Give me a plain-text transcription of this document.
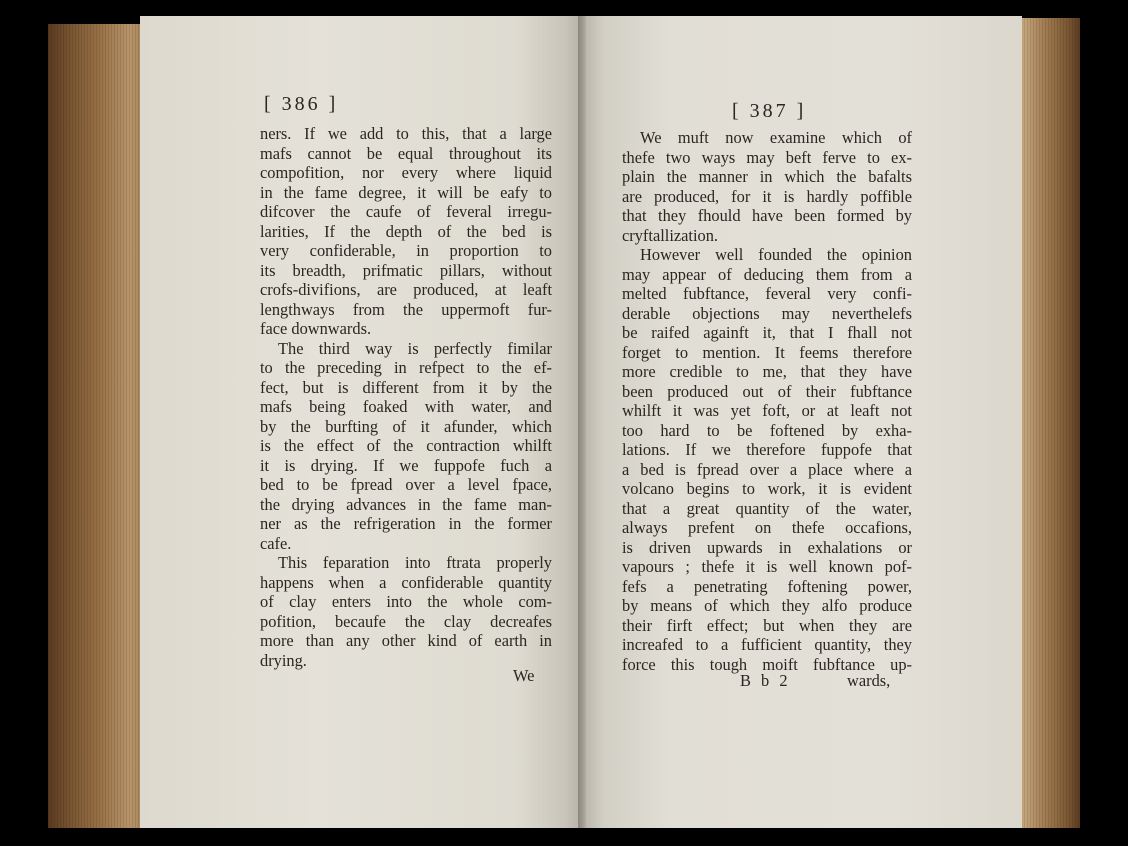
[ 386 ]
ners. If we add to this, that a large
mafs cannot be equal throughout its
compofition, nor every where liquid
in the fame degree, it will be eafy to
difcover the caufe of feveral irregu-
larities, If the depth of the bed is
very confiderable, in proportion to
its breadth, prifmatic pillars, without
crofs-divifions, are produced, at leaft
lengthways from the uppermoft fur-
face downwards.
The third way is perfectly fimilar
to the preceding in refpect to the ef-
fect, but is different from it by the
mafs being foaked with water, and
by the burfting of it afunder, which
is the effect of the contraction whilft
it is drying. If we fuppofe fuch a
bed to be fpread over a level fpace,
the drying advances in the fame man-
ner as the refrigeration in the former
cafe.
This feparation into ftrata properly
happens when a confiderable quantity
of clay enters into the whole com-
pofition, becaufe the clay decreafes
more than any other kind of earth in
drying.
We
[ 387 ]
We muft now examine which of
thefe two ways may beft ferve to ex-
plain the manner in which the bafalts
are produced, for it is hardly poffible
that they fhould have been formed by
cryftallization.
However well founded the opinion
may appear of deducing them from a
melted fubftance, feveral very confi-
derable objections may neverthelefs
be raifed againft it, that I fhall not
forget to mention. It feems therefore
more credible to me, that they have
been produced out of their fubftance
whilft it was yet foft, or at leaft not
too hard to be foftened by exha-
lations. If we therefore fuppofe that
a bed is fpread over a place where a
volcano begins to work, it is evident
that a great quantity of the water,
always prefent on thefe occafions,
is driven upwards in exhalations or
vapours ; thefe it is well known pof-
fefs a penetrating foftening power,
by means of which they alfo produce
their firft effect; but when they are
increafed to a fufficient quantity, they
force this tough moift fubftance up-
B b 2	wards,
